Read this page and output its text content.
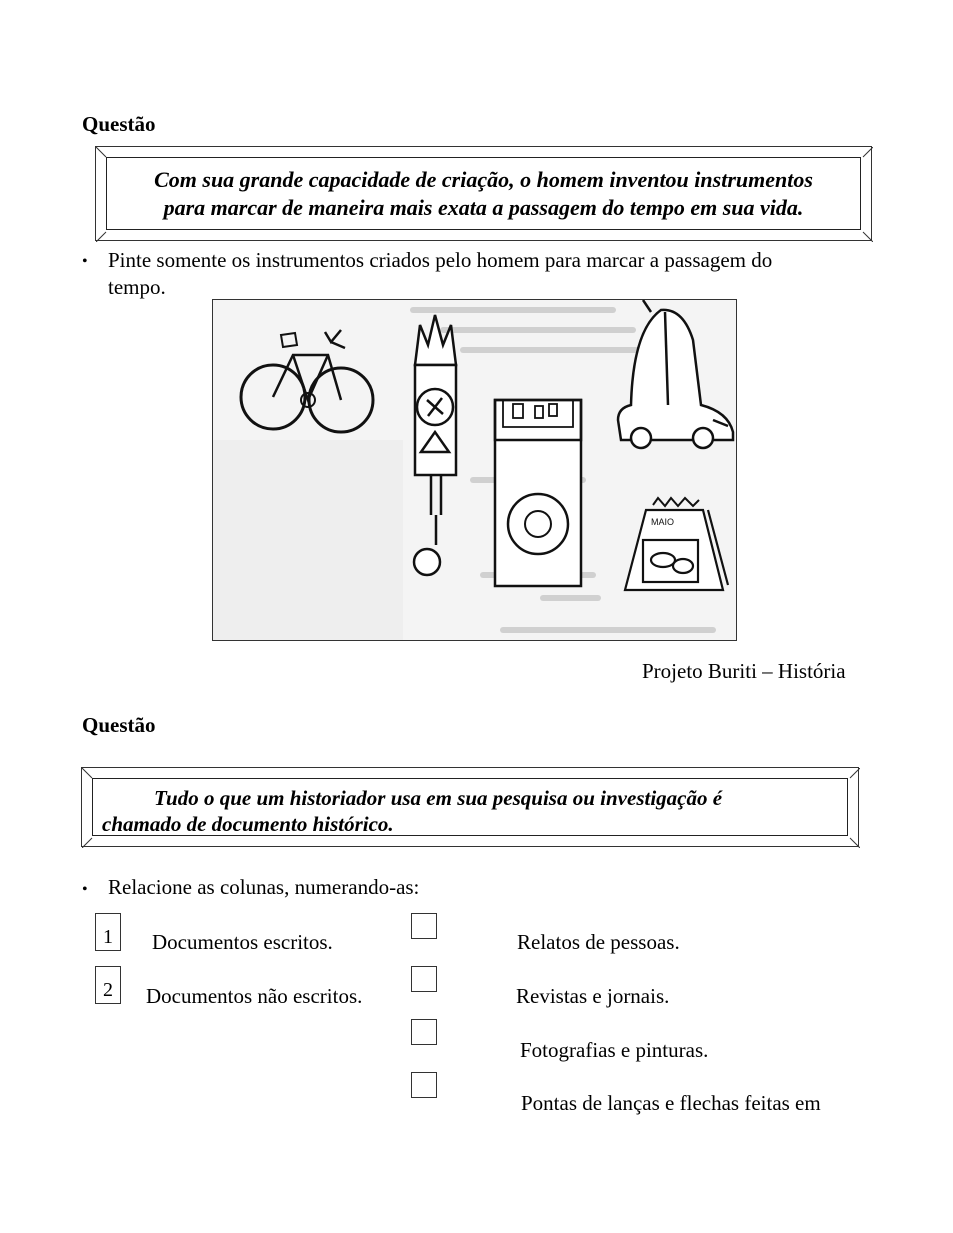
Questão
Com sua grande capacidade de criação, o homem inventou instrumentos
para marcar de maneira mais exata a passagem do tempo em sua vida.
• Pinte somente os instrumentos criados pelo homem para marcar a passagem do
tempo.
MAIO
Projeto Buriti – História
Questão
Tudo o que um historiador usa em sua pesquisa ou investigação é
chamado de documento histórico.
• Relacione as colunas, numerando-as:
1	Documentos escritos.
2	Documentos não escritos.
Relatos de pessoas.
Revistas e jornais.
Fotografias e pinturas.
Pontas de lanças e flechas feitas em
